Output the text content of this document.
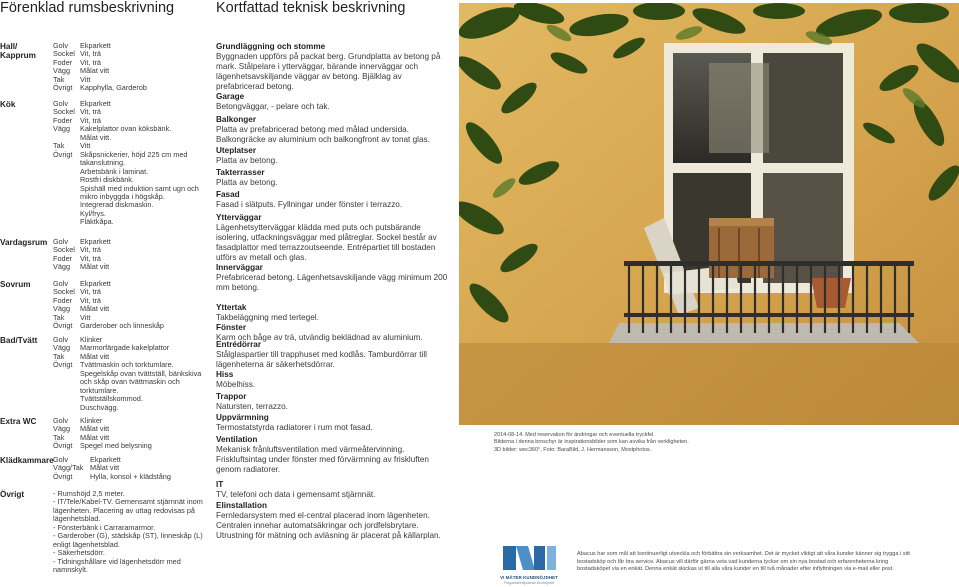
Förenklad rumsbeskrivning	Kortfattad teknisk beskrivning
Hall/ Kapprum
Golv Ekparkett
Sockel Vit, trä
Foder Vit, trä
Vägg Målat vitt
Tak Vitt
Övrigt Kapphylla, Garderob
Kök	Golv Ekparkett
Sockel Vit, trä
Foder Vit, trä
Vägg Kakelplattor ovan köksbänk.
Målat vitt.
Tak Vitt
Övrigt Skåpsnickerier, höjd 225 cm med takanslutning.
Arbetsbänk i laminat.
Rostfri diskbänk.
Spishäll med induktion samt ugn och mikro inbyggda i högskåp.
Integrerad diskmaskin.
Kyl/frys.
Fläktkåpa.
Vardagsrum Golv Ekparkett
Sockel Vit, trä
Foder Vit, trä
Vägg Målat vitt
Sovrum	Golv Ekparkett
Sockel Vit, trä
Foder Vit, trä
Vägg Målat vitt
Tak Vitt
Övrigt Garderober och linneskåp
Bad/Tvätt	Golv Klinker
Vägg Marmorfärgade kakelplattor
Tak Målat vitt
Övrigt Tvättmaskin och torktumlare.
Spegelskåp ovan tvättställ, bänkskiva och skåp ovan tvättmaskin och torktumlare.
Tvättställskommod.
Duschvägg.
Extra WC	Golv Klinker
Vägg Målat vitt
Tak Målat vitt
Övrigt Spegel med belysning
Klädkammare Golv	Ekparkett
Vägg/Tak Målat vitt
Övrigt Hylla, konsol + klädstång
Övrigt	- Rumshöjd 2,5 meter.
- IT/Tele/Kabel-TV. Gemensamt stjärnnät inom lägenheten. Placering av uttag redovisas på lägenhetsblad.
- Fönsterbänk i Carraramarmor.
- Garderober (G), städskåp (ST), linneskåp (L) enligt lägenhetsblad.
- Säkerhetsdörr.
- Tidningshållare vid lägenhetsdörr med namnskylt.
Grundläggning och stomme
Byggnaden uppförs på packat berg. Grundplatta av betong på mark. Stålpelare i ytterväggar, bärande innerväggar och lägenhetsavskiljande väggar av betong. Bjälklag av prefabricerad betong.
Garage
Betongväggar, - pelare och tak.
Balkonger
Platta av prefabricerad betong med målad undersida. Balkongräcke av aluminium och balkongfront av tonat glas.
Uteplatser
Platta av betong.
Takterrasser
Platta av betong.
Fasad
Fasad i slätputs. Fyllningar under fönster i terrazzo.
Ytterväggar
Lägenhetsytterväggar klädda med puts och putsbärande isolering, utfackningsväggar med plåtreglar. Sockel består av fasadplattor med terrazzoutseende. Entrépartiet till bostaden utförs av metall och glas.
Innerväggar
Prefabricerad betong. Lägenhetsavskiljande vägg minimum 200 mm betong.
Yttertak
Takbeläggning med tertegel.
Fönster
Karm och båge av trä, utvändig beklädnad av aluminium.
Entrédörrar
Stålglaspartier till trapphuset med kodlås. Tamburdörrar till lägenheterna är säkerhetsdörrar.
Hiss
Möbelhiss.
Trappor
Natursten, terrazzo.
Uppvärmning
Termostatstyrda radiatorer i rum mot fasad.
Ventilation
Mekanisk frånluftsventilation med värmeåtervinning. Friskluftsintag under fönster med förvärmning av friskluften genom radiatorer.
IT
TV, telefoni och data i gemensamt stjärnnät.
Elinstallation
Fernledarsystem med el-central placerad inom lägenheten. Centralen innehar automatsäkringar och jordfelsbrytare. Utrustning för mätning och avläsning är placerat på källarplan.
2014-08-14. Med reservation för ändringar och eventuella tryckfel.
Bilderna i denna broschyr är inspirationsbilder som kan avvika från verkligheten.
3D bilder: wec360°, Foto: BaraBild, J. Hermansson, Mostphotos.
VI MÄTER KUNDNÖJDHET
Prisgaranti/erbjudande kundnöjdhet
Abacus har som mål att kontinuerligt utveckla och förbättra sin verksamhet. Det är mycket viktigt att våra kunder känner sig trygga i sitt bostadsköp och får bra service. Abacus vill därför gärna veta vad kunderna tycker om sin nya bostad och erfarenheterna kring bostadsköpet via en enkät. Denna enkät skickas ut till alla våra kunder en till två månader efter inflyttningen via e-mail eller post.
